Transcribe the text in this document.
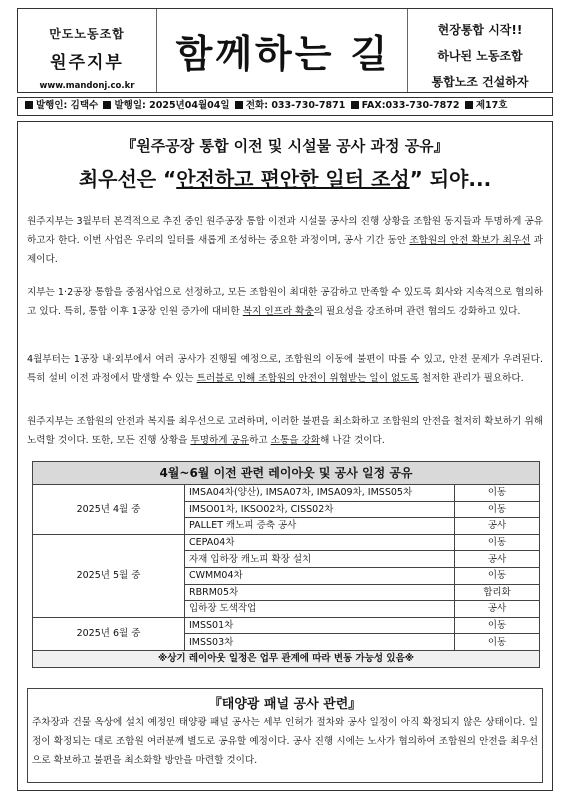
만도노동조합
원주지부
www.mandonj.co.kr
함께하는 길
현장통합 시작!!
하나된 노동조합
통합노조 건설하자
발행인: 김택수 발행일: 2025년04월04일 전화: 033-730-7871 FAX:033-730-7872 제17호
『원주공장 통합 이전 및 시설물 공사 과정 공유』
최우선은 “안전하고 편안한 일터 조성” 되야...
원주지부는 3월부터 본격적으로 추진 중인 원주공장 통합 이전과 시설물 공사의 진행 상황을 조합원 동지들과 투명하게 공유하고자 한다. 이번 사업은 우리의 일터를 새롭게 조성하는 중요한 과정이며, 공사 기간 동안 조합원의 안전 확보가 최우선 과제이다.
지부는 1·2공장 통합을 중점사업으로 선정하고, 모든 조합원이 최대한 공감하고 만족할 수 있도록 회사와 지속적으로 협의하고 있다. 특히, 통합 이후 1공장 인원 증가에 대비한 복지 인프라 확충의 필요성을 강조하며 관련 협의도 강화하고 있다.
4월부터는 1공장 내·외부에서 여러 공사가 진행될 예정으로, 조합원의 이동에 불편이 따를 수 있고, 안전 문제가 우려된다. 특히 설비 이전 과정에서 발생할 수 있는 트러블로 인해 조합원의 안전이 위협받는 일이 없도록 철저한 관리가 필요하다.
원주지부는 조합원의 안전과 복지를 최우선으로 고려하며, 이러한 불편을 최소화하고 조합원의 안전을 철저히 확보하기 위해 노력할 것이다. 또한, 모든 진행 상황을 투명하게 공유하고 소통을 강화해 나갈 것이다.
4월~6월 이전 관련 레이아웃 및 공사 일정 공유		
2025년 4월 중	IMSA04차(양산), IMSA07차, IMSA09차, IMSS05차	이동
	IMSO01차, IKSO02차, CISS02차	이동
	PALLET 캐노피 증축 공사	공사
2025년 5월 중	CEPA04차	이동
	자재 입하장 캐노피 확장 설치	공사
	CWMM04차	이동
	RBRM05차	합리화
	입하장 도색작업	공사
2025년 6월 중	IMSS01차	이동
	IMSS03차	이동
※상기 레이아웃 일정은 업무 관계에 따라 변동 가능성 있음※		
『태양광 패널 공사 관련』
주차장과 건물 옥상에 설치 예정인 태양광 패널 공사는 세부 인허가 절차와 공사 일정이 아직 확정되지 않은 상태이다. 일정이 확정되는 대로 조합원 여러분께 별도로 공유할 예정이다. 공사 진행 시에는 노사가 협의하여 조합원의 안전을 최우선으로 확보하고 불편을 최소화할 방안을 마련할 것이다.
